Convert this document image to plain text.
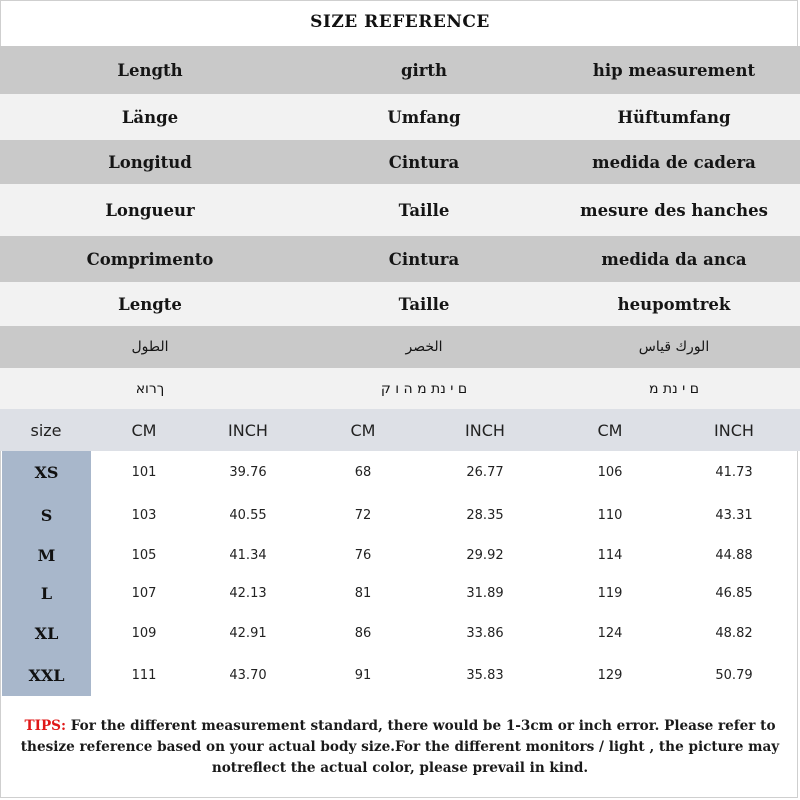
SIZE REFERENCE
Length	girth	hip measurement
Länge	Umfang	Hüftumfang
Longitud	Cintura	medida de cadera
Longueur	Taille	mesure des hanches
Comprimento	Cintura	medida da anca
Lengte	Taille	heupomtrek
الطول	الخصر	الورك قياس
ךרוא	ם י נת מ ה ו ק	ם י נת מ
size	CM	INCH	CM	INCH	CM	INCH
XS	101	39.76	68	26.77	106	41.73
S	103	40.55	72	28.35	110	43.31
M	105	41.34	76	29.92	114	44.88
L	107	42.13	81	31.89	119	46.85
XL	109	42.91	86	33.86	124	48.82
XXL	111	43.70	91	35.83	129	50.79
TIPS: For the different measurement standard, there would be 1-3cm or inch error. Please refer to thesize reference based on your actual body size.For the different monitors / light , the picture may notreflect the actual color, please prevail in kind.
